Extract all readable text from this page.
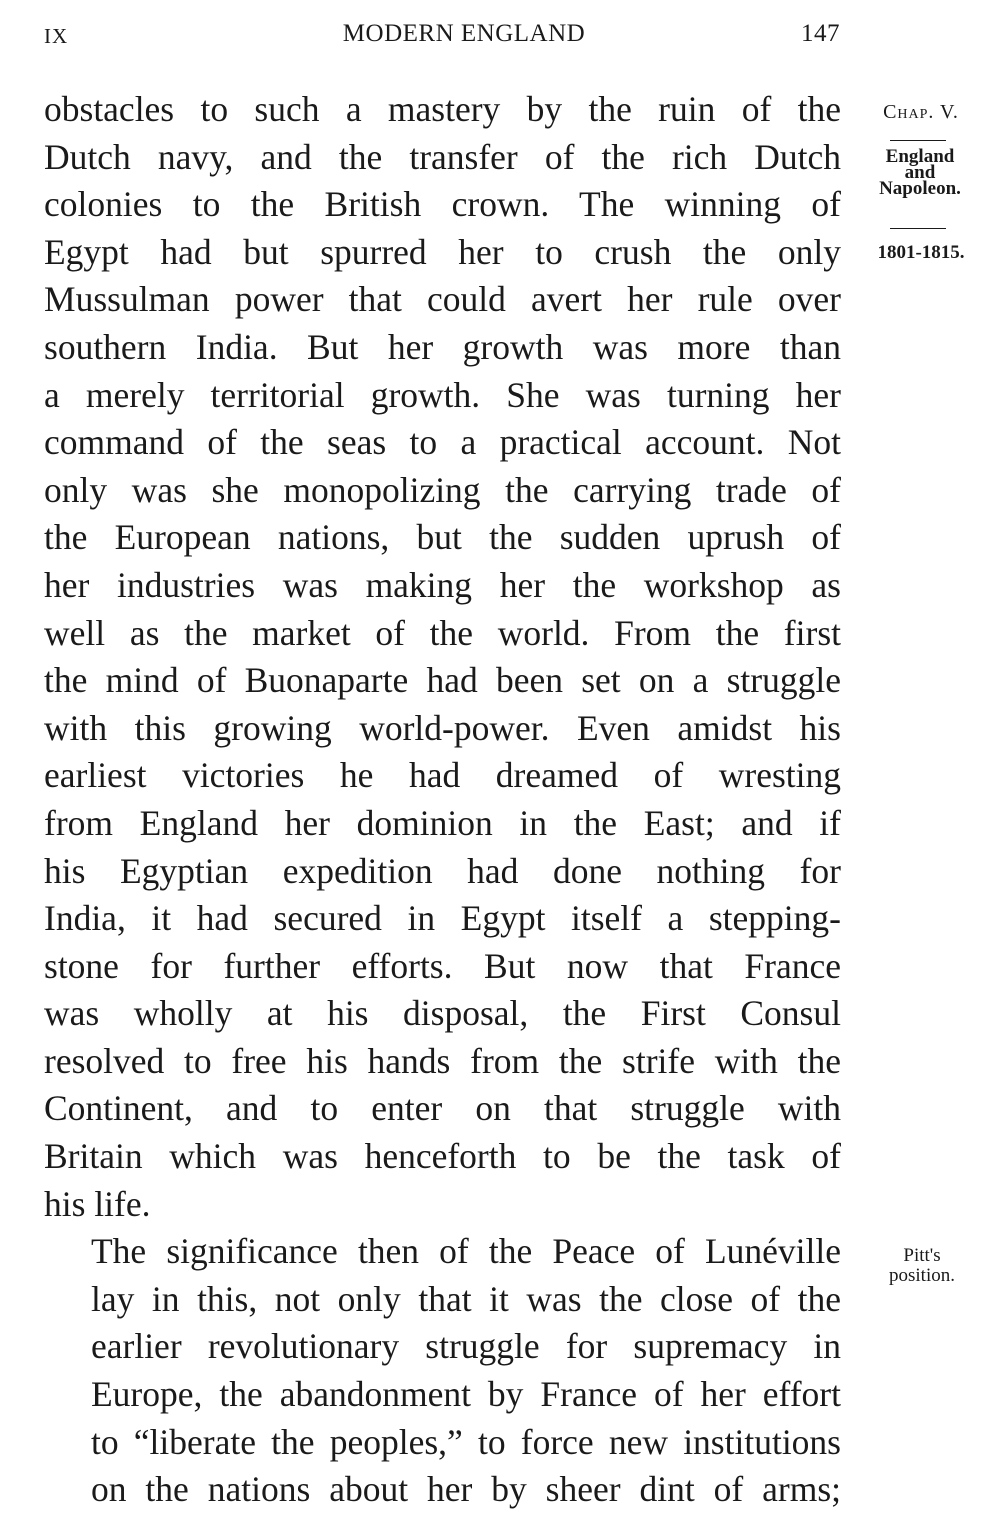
IX	MODERN ENGLAND	147

obstacles to such a mastery by the ruin of the
Dutch navy, and the transfer of the rich Dutch
colonies to the British crown. The winning of
Egypt had but spurred her to crush the only
Mussulman power that could avert her rule over
southern India. But her growth was more than
a merely territorial growth. She was turning her
command of the seas to a practical account. Not
only was she monopolizing the carrying trade of
the European nations, but the sudden uprush of
her industries was making her the workshop as
well as the market of the world. From the first
the mind of Buonaparte had been set on a struggle
with this growing world-power. Even amidst his
earliest victories he had dreamed of wresting
from England her dominion in the East; and if
his Egyptian expedition had done nothing for
India, it had secured in Egypt itself a stepping-
stone for further efforts. But now that France
was wholly at his disposal, the First Consul
resolved to free his hands from the strife with the
Continent, and to enter on that struggle with
Britain which was henceforth to be the task of
his life.

The significance then of the Peace of Lunéville
lay in this, not only that it was the close of the
earlier revolutionary struggle for supremacy in
Europe, the abandonment by France of her effort
to “liberate the peoples,” to force new institutions
on the nations about her by sheer dint of arms;

Chap. V.
England
and
Napoleon.
1801-1815.
Pitt's
position.
